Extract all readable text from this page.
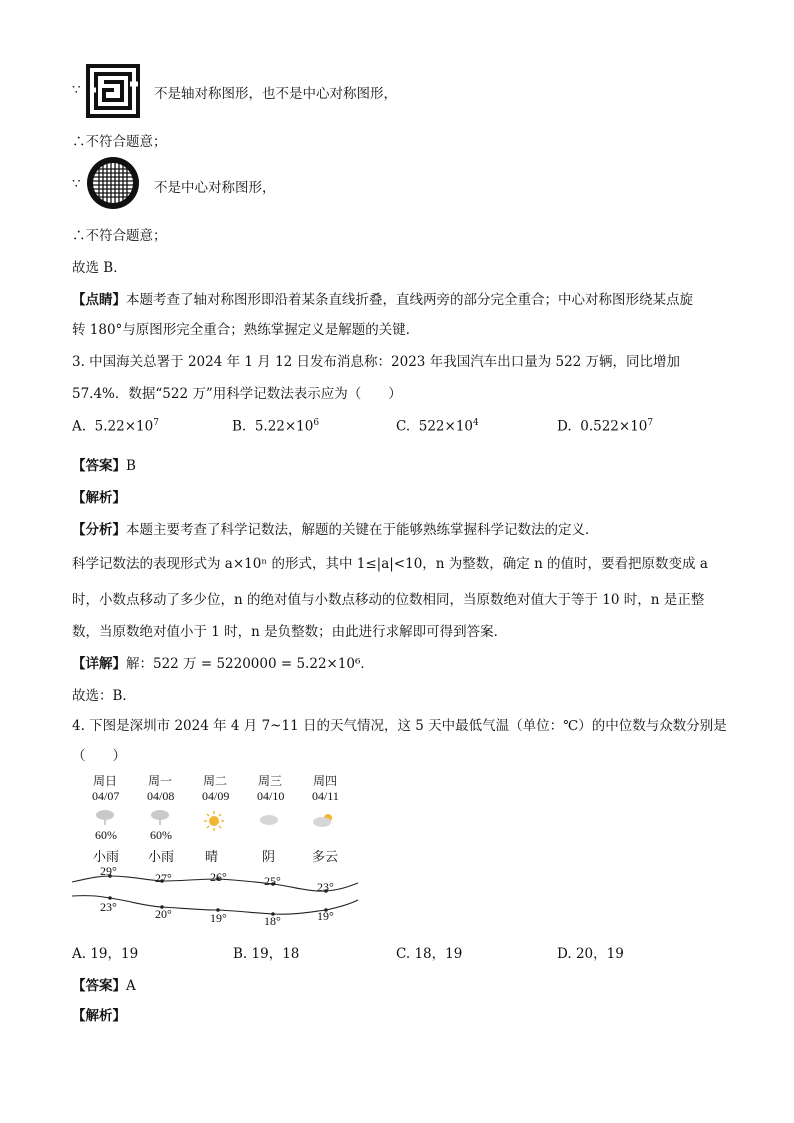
∵	不是轴对称图形，也不是中心对称图形，
∴不符合题意；
∵	不是中心对称图形，
∴不符合题意；
故选 B．
【点睛】本题考查了轴对称图形即沿着某条直线折叠，直线两旁的部分完全重合；中心对称图形绕某点旋
转 180°与原图形完全重合；熟练掌握定义是解题的关键．
3. 中国海关总署于 2024 年 1 月 12 日发布消息称：2023 年我国汽车出口量为 522 万辆，同比增加
57.4%．数据“522 万”用科学记数法表示应为（　　）
A. $5.22\times 10^7$	B. $5.22\times 10^6$	C. $522\times 10^4$	D. $0.522\times 10^7$
【答案】B
【解析】
【分析】本题主要考查了科学记数法，解题的关键在于能够熟练掌握科学记数法的定义．
科学记数法的表现形式为 a×10ⁿ 的形式，其中 1≤|a|<10，n 为整数，确定 n 的值时，要看把原数变成 a
时，小数点移动了多少位，n 的绝对值与小数点移动的位数相同，当原数绝对值大于等于 10 时，n 是正整
数，当原数绝对值小于 1 时，n 是负整数；由此进行求解即可得到答案．
【详解】解：522 万 = 5220000 = 5.22×10⁶．
故选：B．
4. 下图是深圳市 2024 年 4 月 7~11 日的天气情况，这 5 天中最低气温（单位：℃）的中位数与众数分别是
（　　）
周日	周一	周二	周三	周四
04/07 04/08 04/09 04/10 04/11
60%	60%
小雨 小雨 晴	阴	多云
29°	27°	26°	25°	23°
23°	20°	19°	18°	19°
A. 19，19	B. 19，18	C. 18，19	D. 20，19
【答案】A
【解析】
